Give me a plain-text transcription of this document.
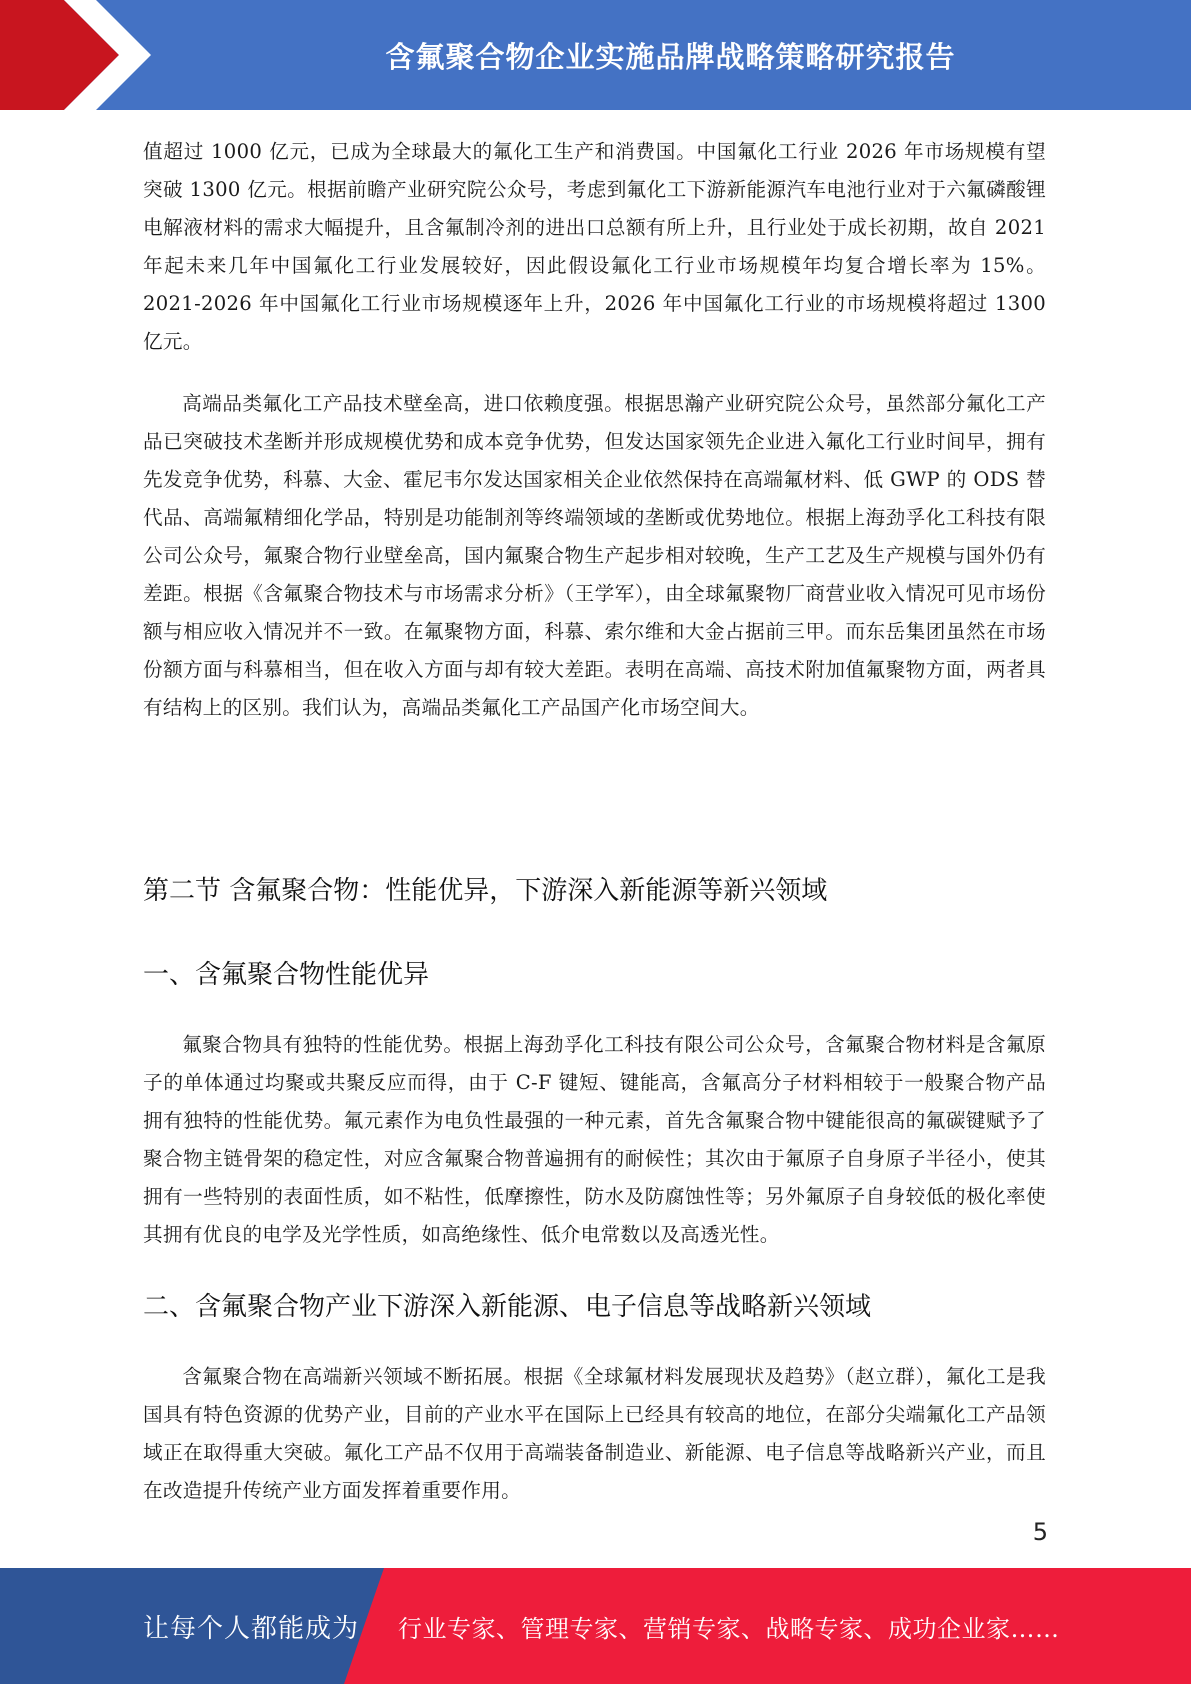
含氟聚合物企业实施品牌战略策略研究报告

值超过 1000 亿元，已成为全球最大的氟化工生产和消费国。中国氟化工行业 2026 年市场规模有望突破 1300 亿元。根据前瞻产业研究院公众号，考虑到氟化工下游新能源汽车电池行业对于六氟磷酸锂电解液材料的需求大幅提升，且含氟制冷剂的进出口总额有所上升，且行业处于成长初期，故自 2021 年起未来几年中国氟化工行业发展较好，因此假设氟化工行业市场规模年均复合增长率为 15%。2021-2026 年中国氟化工行业市场规模逐年上升，2026 年中国氟化工行业的市场规模将超过 1300 亿元。

高端品类氟化工产品技术壁垒高，进口依赖度强。根据思瀚产业研究院公众号，虽然部分氟化工产品已突破技术垄断并形成规模优势和成本竞争优势，但发达国家领先企业进入氟化工行业时间早，拥有先发竞争优势，科慕、大金、霍尼韦尔发达国家相关企业依然保持在高端氟材料、低 GWP 的 ODS 替代品、高端氟精细化学品，特别是功能制剂等终端领域的垄断或优势地位。根据上海劲孚化工科技有限公司公众号，氟聚合物行业壁垒高，国内氟聚合物生产起步相对较晚，生产工艺及生产规模与国外仍有差距。根据《含氟聚合物技术与市场需求分析》（王学军），由全球氟聚物厂商营业收入情况可见市场份额与相应收入情况并不一致。在氟聚物方面，科慕、索尔维和大金占据前三甲。而东岳集团虽然在市场份额方面与科慕相当，但在收入方面与却有较大差距。表明在高端、高技术附加值氟聚物方面，两者具有结构上的区别。我们认为，高端品类氟化工产品国产化市场空间大。

第二节 含氟聚合物：性能优异，下游深入新能源等新兴领域
一、含氟聚合物性能优异

氟聚合物具有独特的性能优势。根据上海劲孚化工科技有限公司公众号，含氟聚合物材料是含氟原子的单体通过均聚或共聚反应而得，由于 C-F 键短、键能高，含氟高分子材料相较于一般聚合物产品拥有独特的性能优势。氟元素作为电负性最强的一种元素，首先含氟聚合物中键能很高的氟碳键赋予了聚合物主链骨架的稳定性，对应含氟聚合物普遍拥有的耐候性；其次由于氟原子自身原子半径小，使其拥有一些特别的表面性质，如不粘性，低摩擦性，防水及防腐蚀性等；另外氟原子自身较低的极化率使其拥有优良的电学及光学性质，如高绝缘性、低介电常数以及高透光性。

二、含氟聚合物产业下游深入新能源、电子信息等战略新兴领域

含氟聚合物在高端新兴领域不断拓展。根据《全球氟材料发展现状及趋势》（赵立群），氟化工是我国具有特色资源的优势产业，目前的产业水平在国际上已经具有较高的地位，在部分尖端氟化工产品领域正在取得重大突破。氟化工产品不仅用于高端装备制造业、新能源、电子信息等战略新兴产业，而且在改造提升传统产业方面发挥着重要作用。

5
让每个人都能成为 行业专家、管理专家、营销专家、战略专家、成功企业家……
